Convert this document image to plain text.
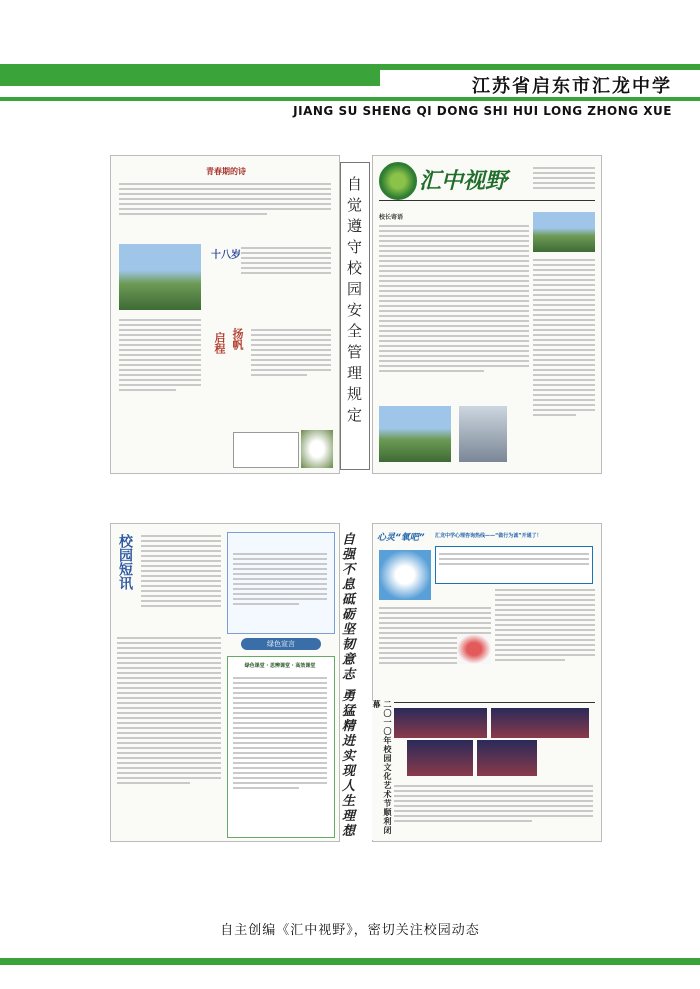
江苏省启东市汇龙中学
JIANG SU SHENG QI DONG SHI HUI LONG ZHONG XUE
青春期的诗
十八岁
启程 扬帆	自觉遵守校园安全管理规定	汇中视野
校长寄语
校园短讯
绿色宣言
绿色课堂 · 思辨课堂 · 高效课堂	自强不息砥砺坚韧意志 勇猛精进实现人生理想	心灵“氧吧” 汇龙中学心理咨询热线——“做行为诚”开通了！
二〇一〇年校园文化艺术节顺利闭幕
自主创编《汇中视野》，密切关注校园动态
